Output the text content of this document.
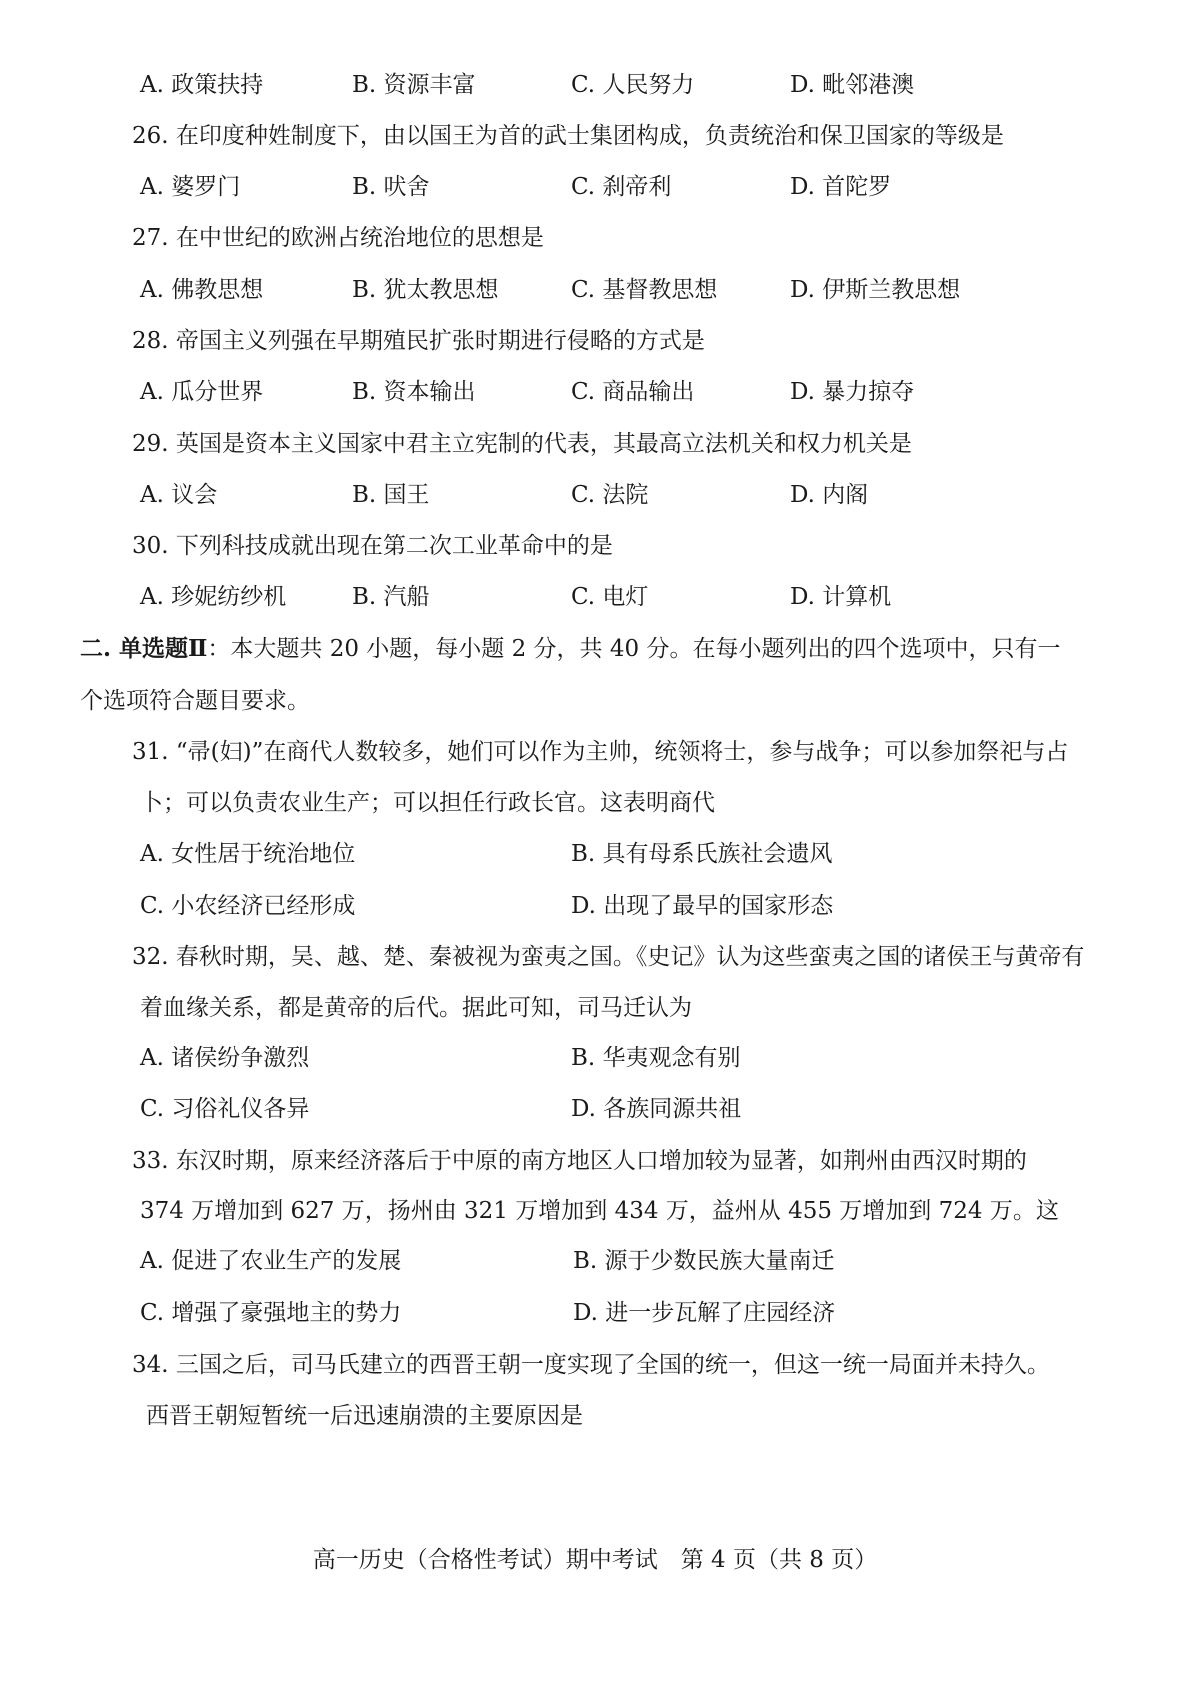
A. 政策扶持	B. 资源丰富	C. 人民努力	D. 毗邻港澳
26. 在印度种姓制度下，由以国王为首的武士集团构成，负责统治和保卫国家的等级是
A. 婆罗门	B. 吠舍	C. 刹帝利	D. 首陀罗
27. 在中世纪的欧洲占统治地位的思想是
A. 佛教思想	B. 犹太教思想	C. 基督教思想	D. 伊斯兰教思想
28. 帝国主义列强在早期殖民扩张时期进行侵略的方式是
A. 瓜分世界	B. 资本输出	C. 商品输出	D. 暴力掠夺
29. 英国是资本主义国家中君主立宪制的代表，其最高立法机关和权力机关是
A. 议会	B. 国王	C. 法院	D. 内阁
30. 下列科技成就出现在第二次工业革命中的是
A. 珍妮纺纱机	B. 汽船	C. 电灯	D. 计算机
二. 单选题Ⅱ：本大题共 20 小题，每小题 2 分，共 40 分。在每小题列出的四个选项中，只有一
个选项符合题目要求。
31. “帚(妇)”在商代人数较多，她们可以作为主帅，统领将士，参与战争；可以参加祭祀与占
卜；可以负责农业生产；可以担任行政长官。这表明商代
A. 女性居于统治地位	B. 具有母系氏族社会遗风
C. 小农经济已经形成	D. 出现了最早的国家形态
32. 春秋时期，吴、越、楚、秦被视为蛮夷之国。《史记》认为这些蛮夷之国的诸侯王与黄帝有
着血缘关系，都是黄帝的后代。据此可知，司马迁认为
A. 诸侯纷争激烈	B. 华夷观念有别
C. 习俗礼仪各异	D. 各族同源共祖
33. 东汉时期，原来经济落后于中原的南方地区人口增加较为显著，如荆州由西汉时期的
374 万增加到 627 万，扬州由 321 万增加到 434 万，益州从 455 万增加到 724 万。这
A. 促进了农业生产的发展	B. 源于少数民族大量南迁
C. 增强了豪强地主的势力	D. 进一步瓦解了庄园经济
34. 三国之后，司马氏建立的西晋王朝一度实现了全国的统一，但这一统一局面并未持久。
西晋王朝短暂统一后迅速崩溃的主要原因是
高一历史（合格性考试）期中考试　第 4 页（共 8 页）
